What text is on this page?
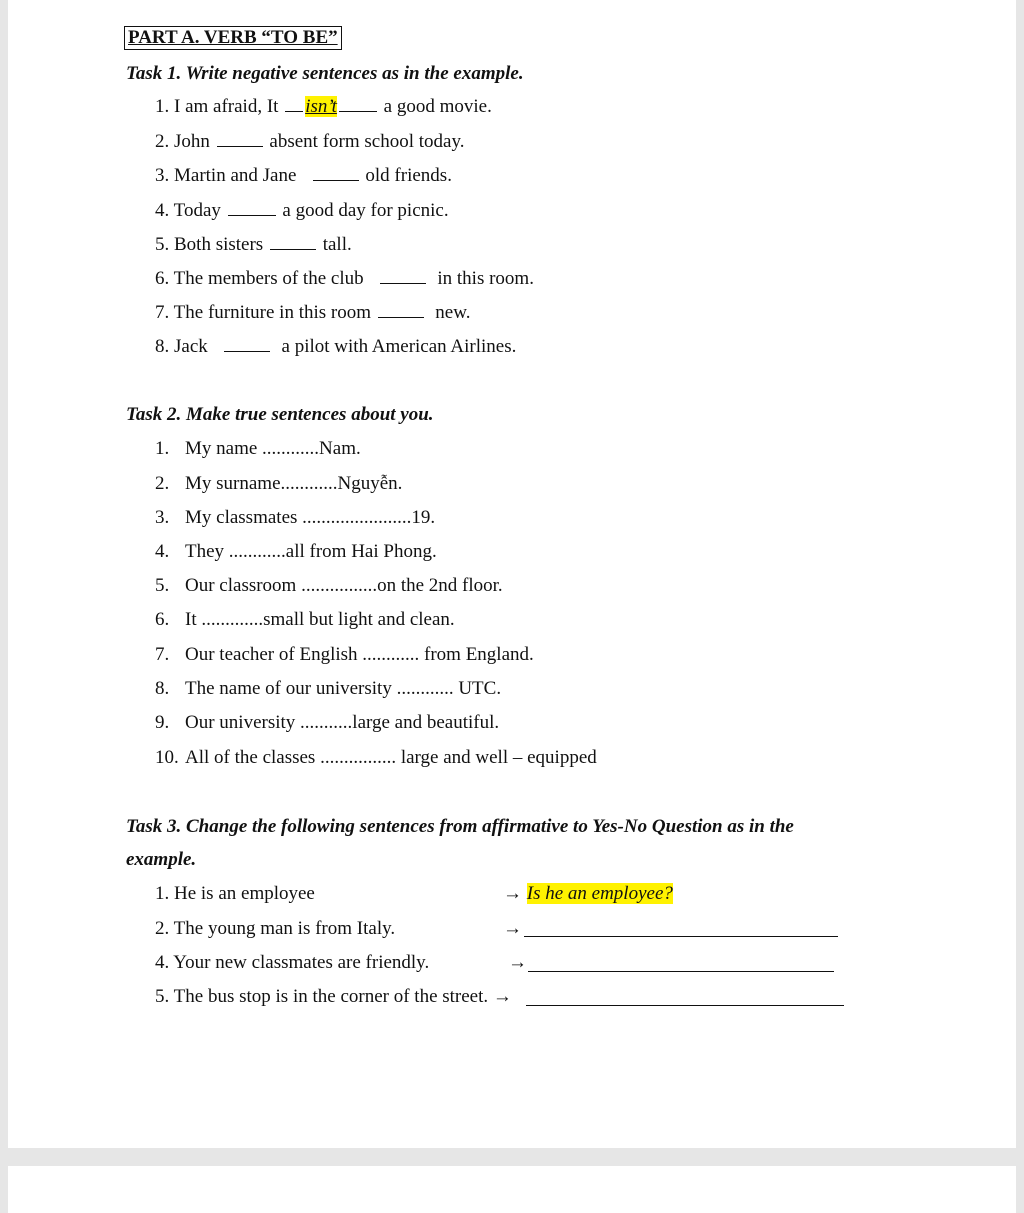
PART A. VERB “TO BE”
Task 1. Write negative sentences as in the example.
1. I am afraid, It isn’t a good movie.
2. John	absent form school today.
3. Martin and Jane	old friends.
4. Today	a good day for picnic.
5. Both sisters	tall.
6. The members of the club	in this room.
7. The furniture in this room	new.
8. Jack	a pilot with American Airlines.
Task 2. Make true sentences about you.
1. My name ............Nam.
2. My surname............Nguyễn.
3. My classmates .......................19.
4. They ............all from Hai Phong.
5. Our classroom ................on the 2nd floor.
6. It .............small but light and clean.
7. Our teacher of English ............ from England.
8. The name of our university ............ UTC.
9. Our university ...........large and beautiful.
10. All of the classes ................ large and well – equipped
Task 3. Change the following sentences from affirmative to Yes-No Question as in the
example.
1. He is an employee	→ Is he an employee?
2. The young man is from Italy.	→
4. Your new classmates are friendly.	→
5. The bus stop is in the corner of the street. →
